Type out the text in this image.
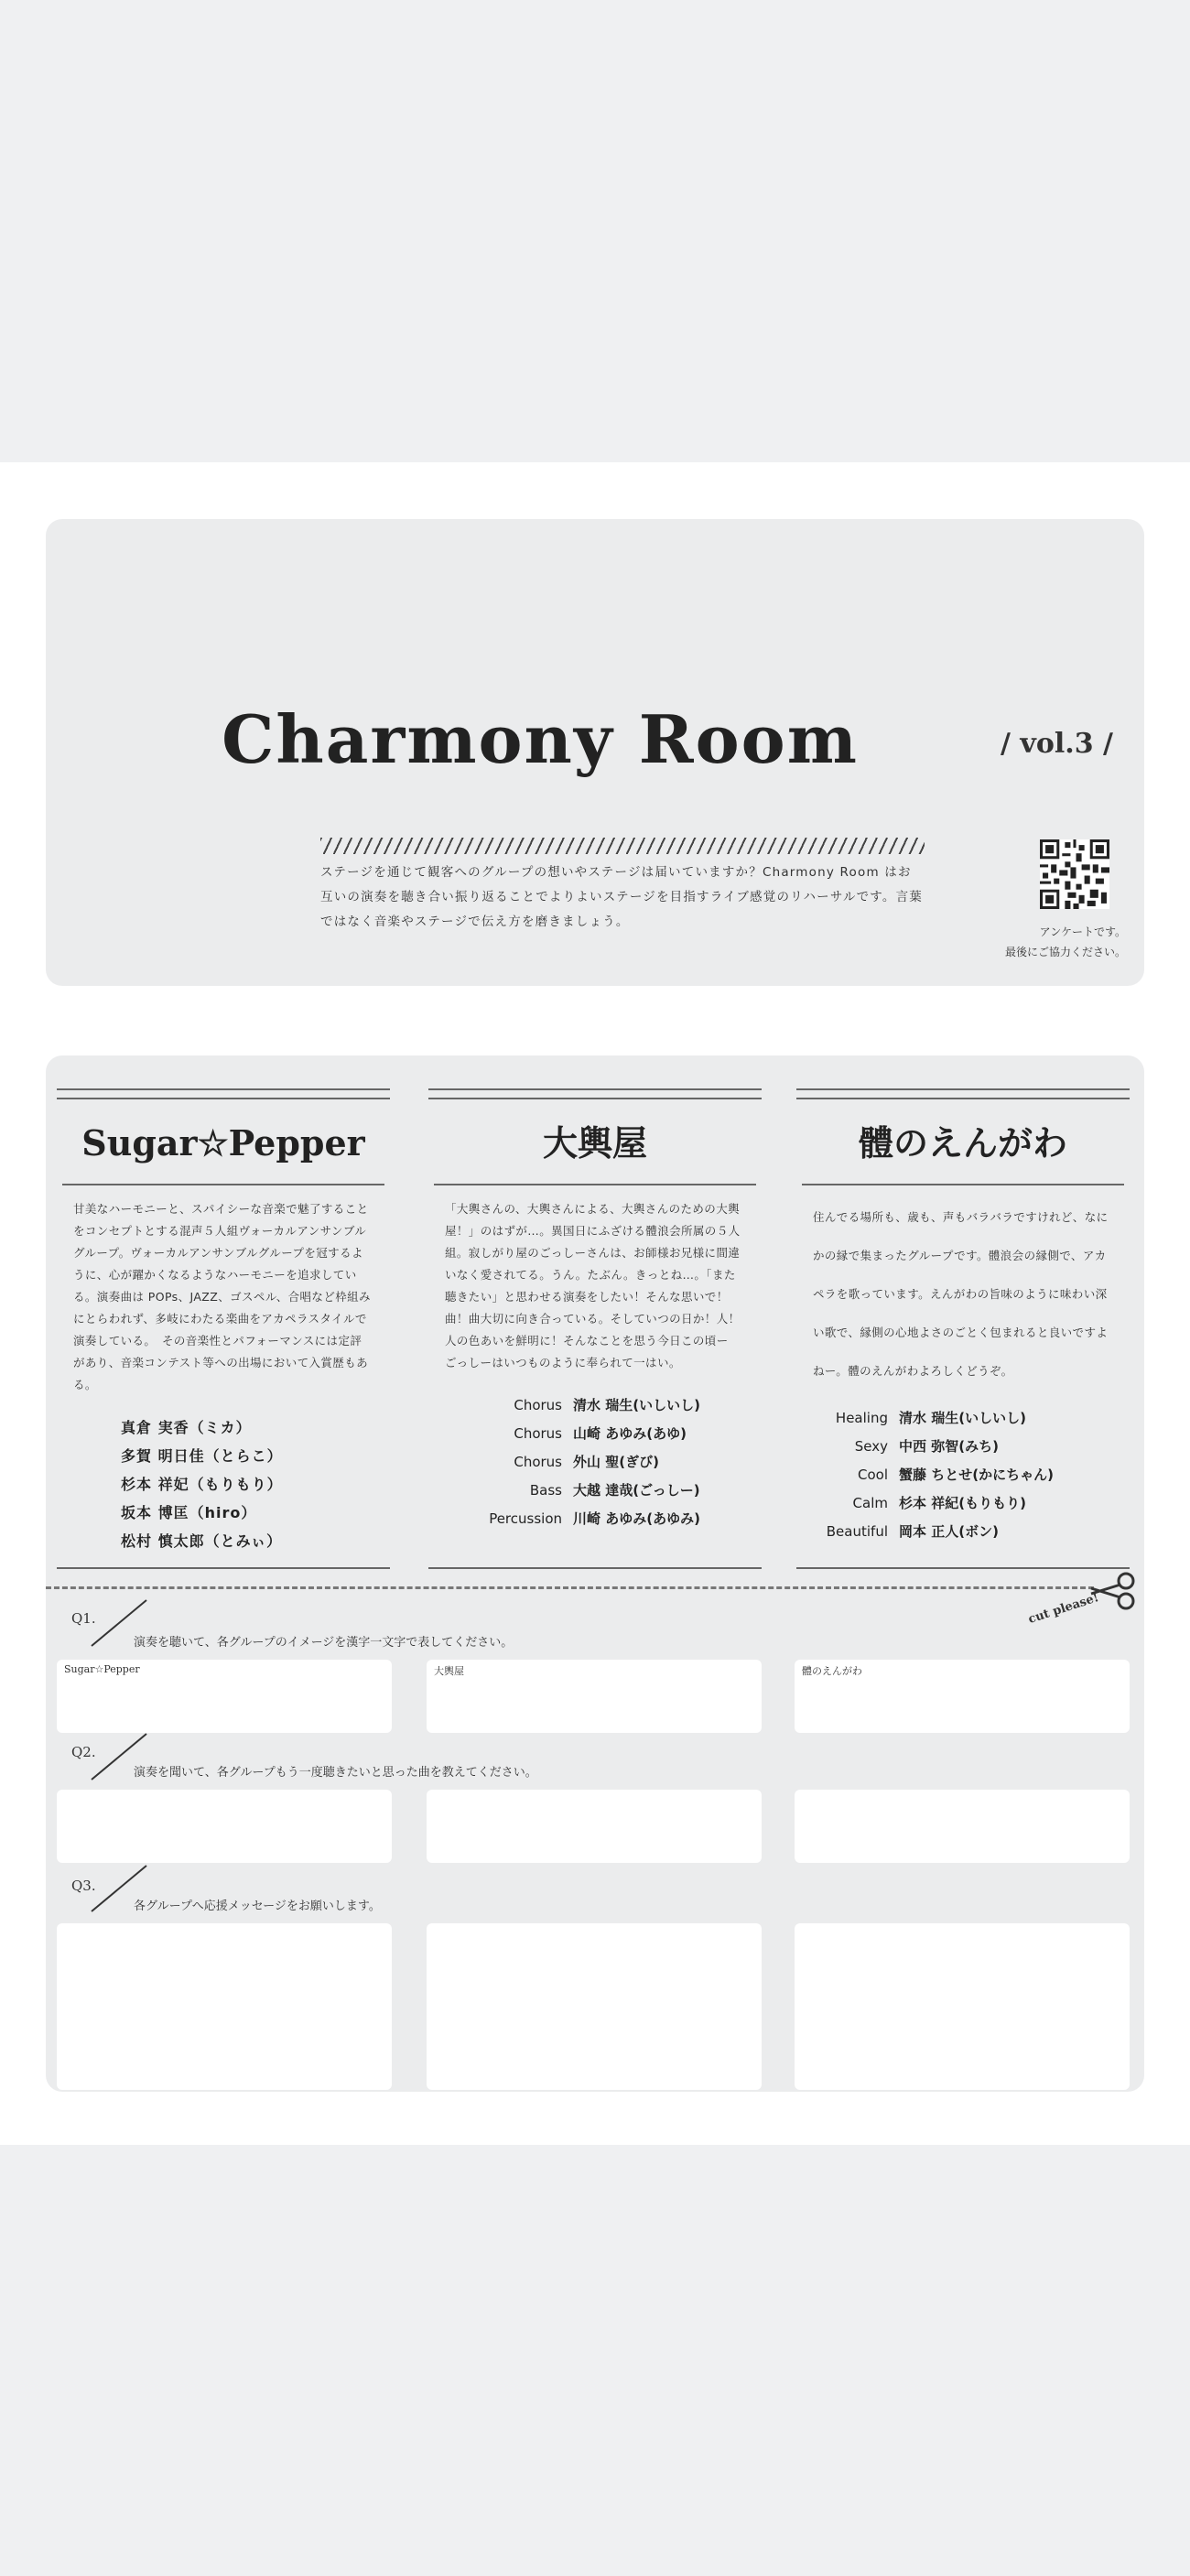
Charmony Room	/ vol.3 /
ステージを通じて観客へのグループの想いやステージは届いていますか？Charmony Room はお互いの演奏を聴き合い振り返ることでよりよいステージを目指すライブ感覚のリハーサルです。言葉ではなく音楽やステージで伝え方を磨きましょう。
アンケートです。
最後にご協力ください。
Sugar☆Pepper
甘美なハーモニーと、スパイシーな音楽で魅了することをコンセプトとする混声５人組ヴォーカルアンサンブルグループ。ヴォーカルアンサンブルグループを冠するように、心が躍かくなるようなハーモニーを追求している。演奏曲は POPs、JAZZ、ゴスペル、合唱など枠組みにとらわれず、多岐にわたる楽曲をアカペラスタイルで演奏している。　その音楽性とパフォーマンスには定評があり、音楽コンテスト等への出場において入賞歴もある。
真倉 実香（ミカ）
多賀 明日佳（とらこ）
杉本 祥妃（もりもり）
坂本 博匡（hiro）
松村 慎太郎（とみぃ）
大輿屋
「大輿さんの、大輿さんによる、大輿さんのための大輿屋！」のはずが…。異国日にふざける體浪会所属の５人組。寂しがり屋のごっしーさんは、お師様お兄様に間違いなく愛されてる。うん。たぶん。きっとね…。「また聴きたい」と思わせる演奏をしたい！そんな思いで！曲！曲大切に向き合っている。そしていつの日か！人！人の色あいを鮮明に！そんなことを思う今日この頃ー　　ごっしーはいつものように奉られて一はい。
Chorus 清水 瑞生(いしいし)
Chorus 山崎 あゆみ(あゆ)
Chorus 外山 聖(ぎび)
Bass 大越 達哉(ごっしー)
Percussion 川崎 あゆみ(あゆみ)
體のえんがわ
住んでる場所も、歳も、声もバラバラですけれど、なにかの縁で集まったグループです。體浪会の縁側で、アカペラを歌っています。えんがわの旨味のように味わい深い歌で、縁側の心地よさのごとく包まれると良いですよねー。體のえんがわよろしくどうぞ。
Healing 清水 瑞生(いしいし)
Sexy 中西 弥智(みち)
Cool 蟹藤 ちとせ(かにちゃん)
Calm 杉本 祥紀(もりもり)
Beautiful 岡本 正人(ボン)
cut please!
Q1.
演奏を聴いて、各グループのイメージを漢字一文字で表してください。
Sugar☆Pepper	大輿屋	體のえんがわ
Q2.
演奏を聞いて、各グループもう一度聴きたいと思った曲を教えてください。
Q3.
各グループへ応援メッセージをお願いします。
